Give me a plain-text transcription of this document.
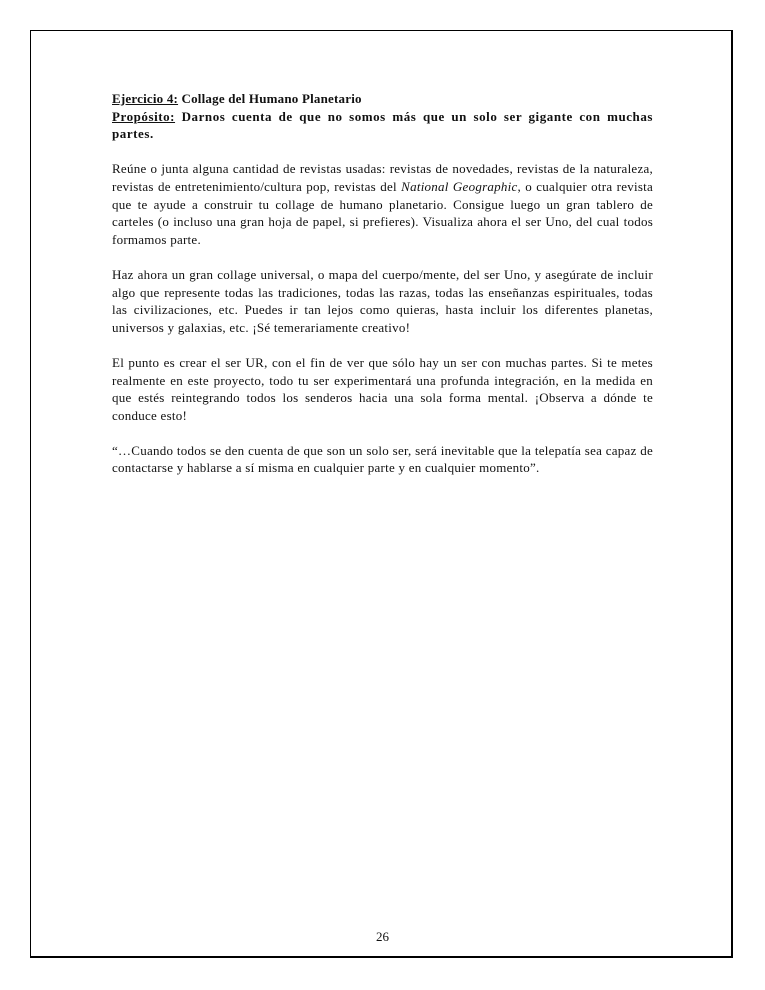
Ejercicio 4: Collage del Humano Planetario

Propósito: Darnos cuenta de que no somos más que un solo ser gigante con muchas partes.

Reúne o junta alguna cantidad de revistas usadas: revistas de novedades, revistas de la naturaleza, revistas de entretenimiento/cultura pop, revistas del National Geographic, o cualquier otra revista que te ayude a construir tu collage de humano planetario. Consigue luego un gran tablero de carteles (o incluso una gran hoja de papel, si prefieres). Visualiza ahora el ser Uno, del cual todos formamos parte.

Haz ahora un gran collage universal, o mapa del cuerpo/mente, del ser Uno, y asegúrate de incluir algo que represente todas las tradiciones, todas las razas, todas las enseñanzas espirituales, todas las civilizaciones, etc. Puedes ir tan lejos como quieras, hasta incluir los diferentes planetas, universos y galaxias, etc. ¡Sé temerariamente creativo!

El punto es crear el ser UR, con el fin de ver que sólo hay un ser con muchas partes. Si te metes realmente en este proyecto, todo tu ser experimentará una profunda integración, en la medida en que estés reintegrando todos los senderos hacia una sola forma mental. ¡Observa a dónde te conduce esto!

“…Cuando todos se den cuenta de que son un solo ser, será inevitable que la telepatía sea capaz de contactarse y hablarse a sí misma en cualquier parte y en cualquier momento”.

26
